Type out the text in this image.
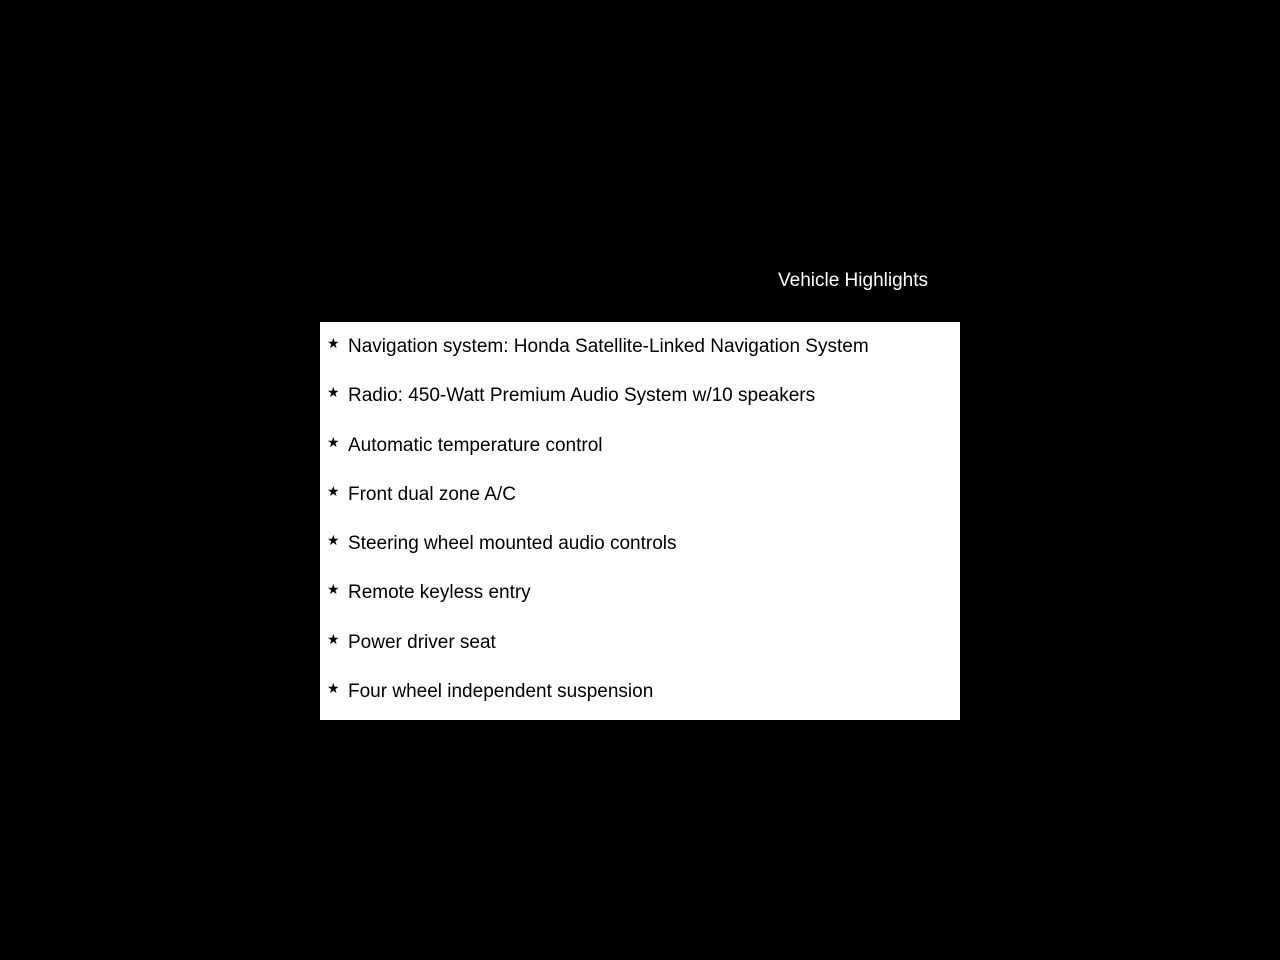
Vehicle Highlights
★ Navigation system: Honda Satellite-Linked Navigation System
★ Radio: 450-Watt Premium Audio System w/10 speakers
★ Automatic temperature control
★ Front dual zone A/C
★ Steering wheel mounted audio controls
★ Remote keyless entry
★ Power driver seat
★ Four wheel independent suspension
